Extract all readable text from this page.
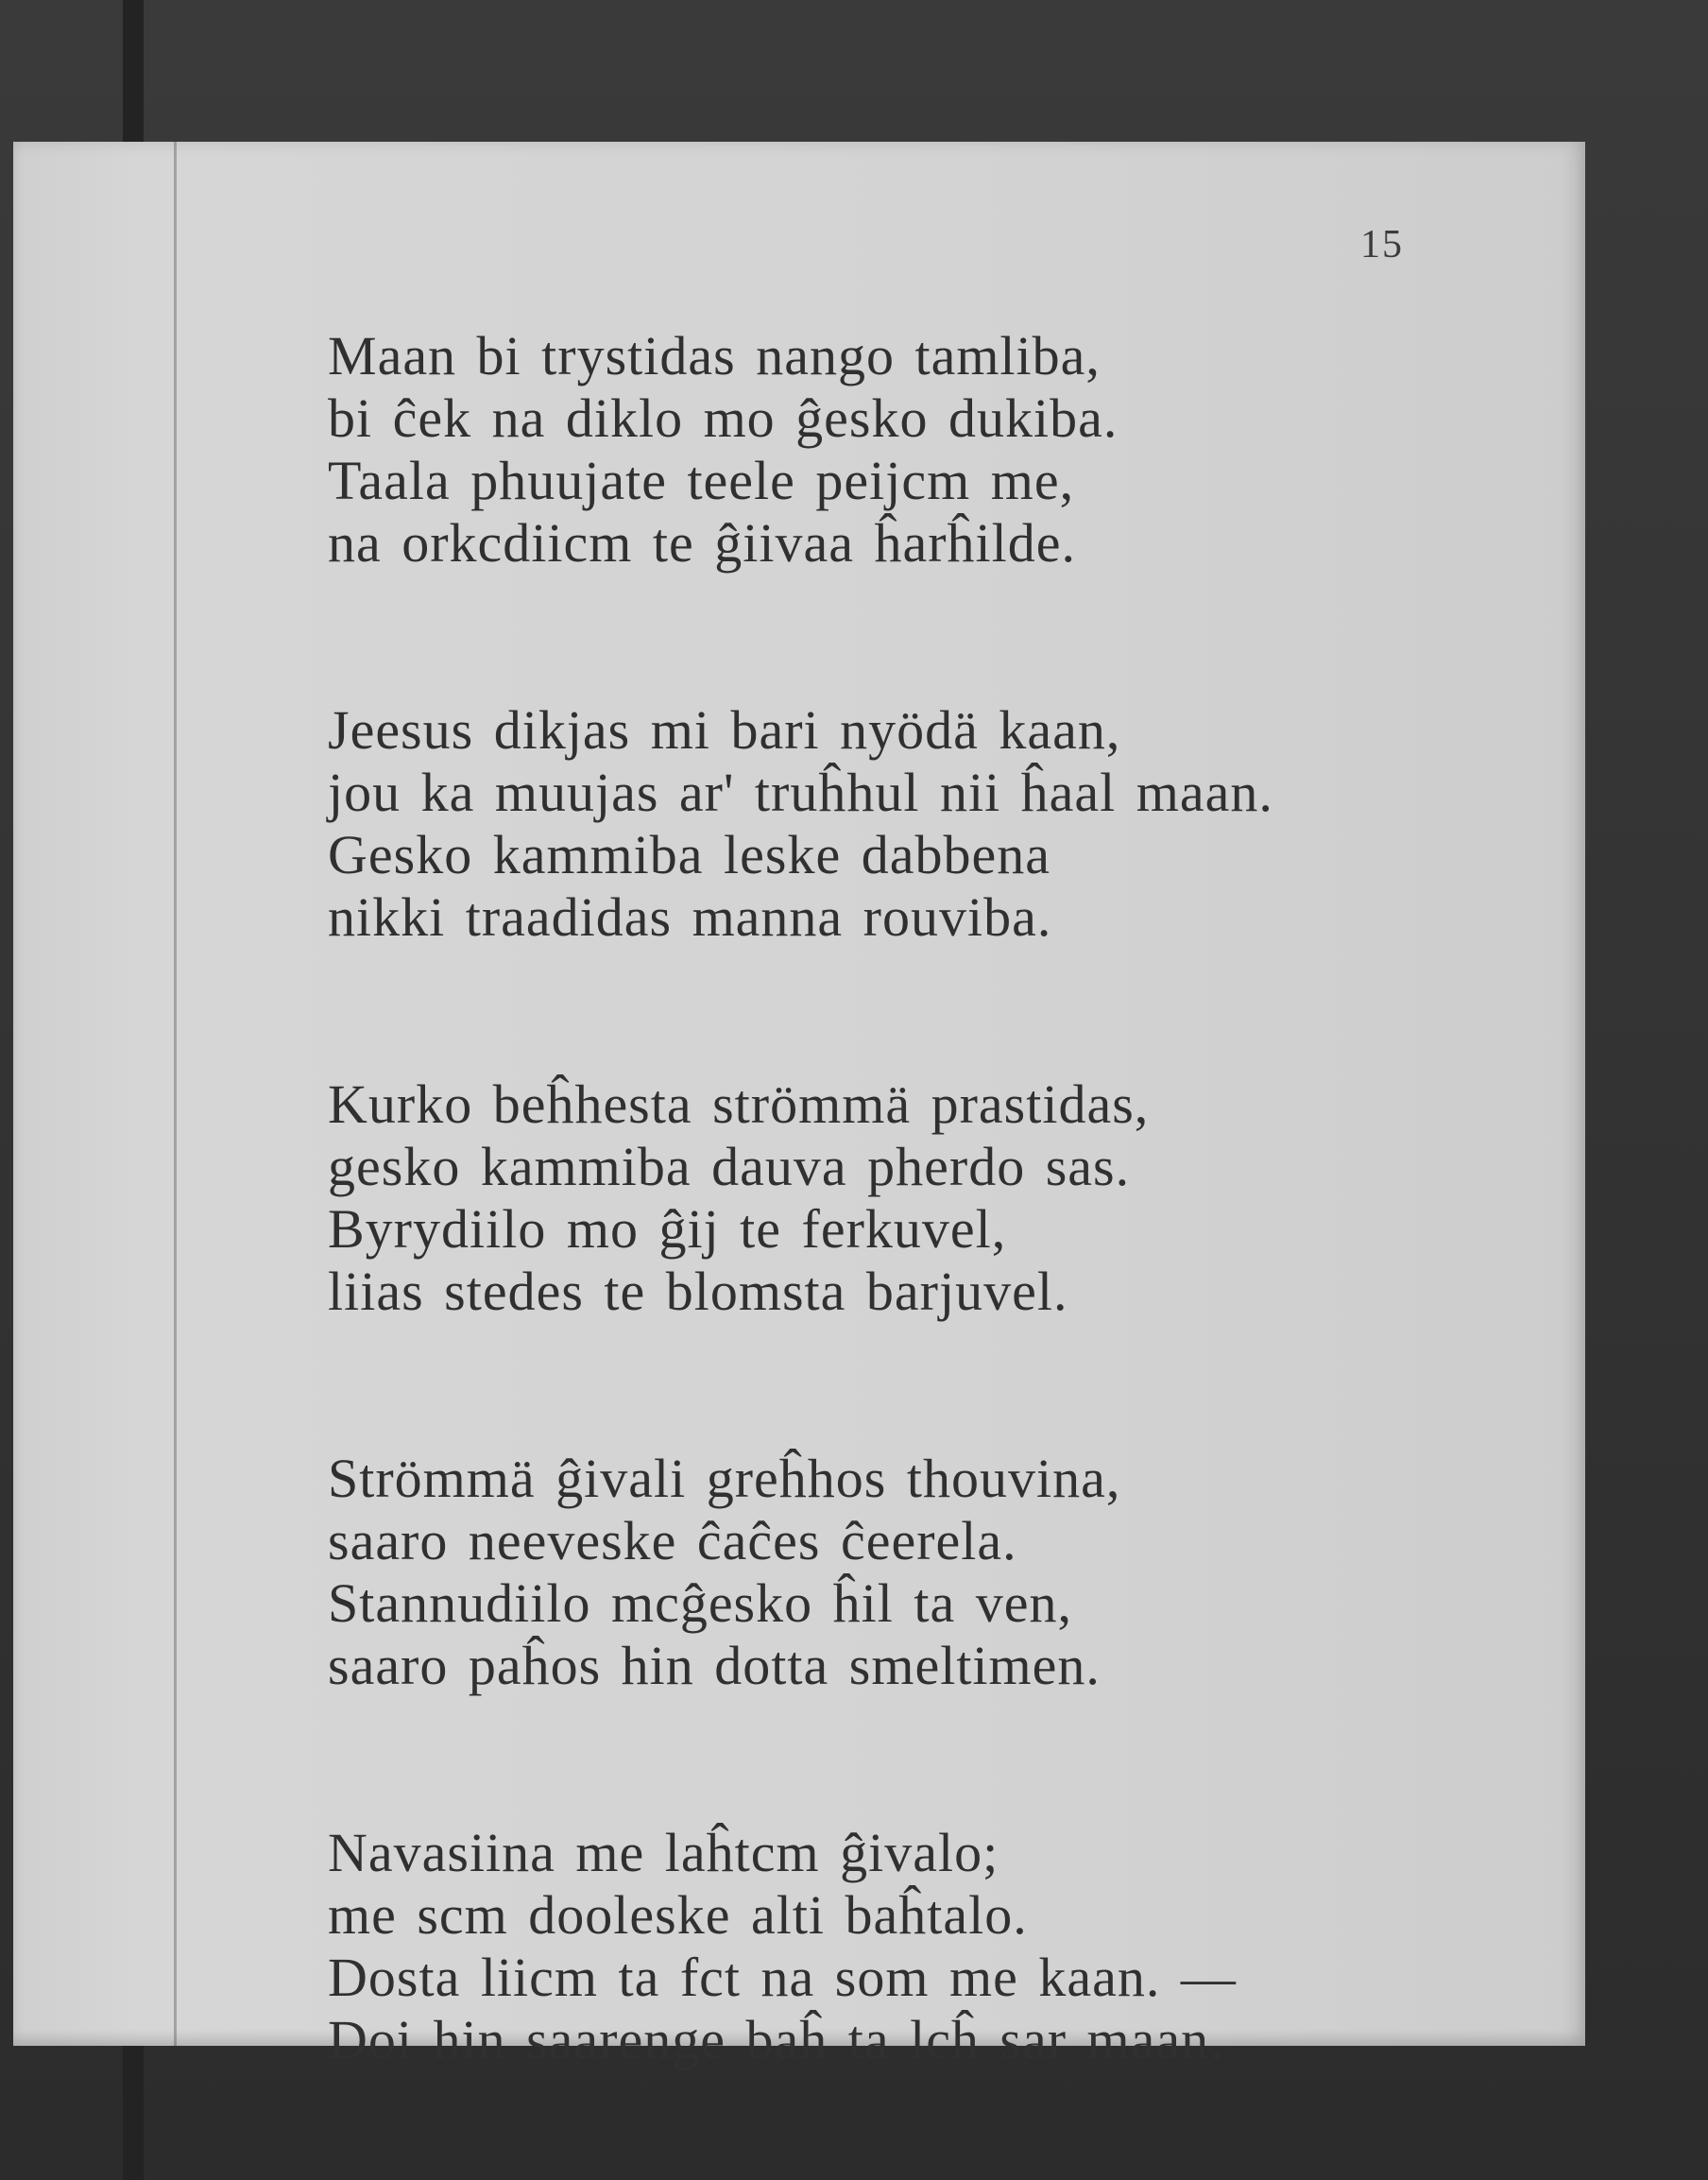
15
Maan bi trystidas nango tamliba,
bi ĉek na diklo mo ĝesko dukiba.
Taala phuujate teele peijcm me,
na orkcdiicm te ĝiivaa ĥarĥilde.
Jeesus dikjas mi bari nyödä kaan,
jou ka muujas ar' truĥhul nii ĥaal maan.
Gesko kammiba leske dabbena
nikki traadidas manna rouviba.
Kurko beĥhesta strömmä prastidas,
gesko kammiba dauva pherdo sas.
Byrydiilo mo ĝij te ferkuvel,
liias stedes te blomsta barjuvel.
Strömmä ĝivali greĥhos thouvina,
saaro neeveske ĉaĉes ĉeerela.
Stannudiilo mcĝesko ĥil ta ven,
saaro paĥos hin dotta smeltimen.
Navasiina me laĥtcm ĝivalo;
me scm dooleske alti baĥtalo.
Dosta liicm ta fct na som me kaan. —
Doi hin saarenge baĥ ta lcĥ sar maan.
